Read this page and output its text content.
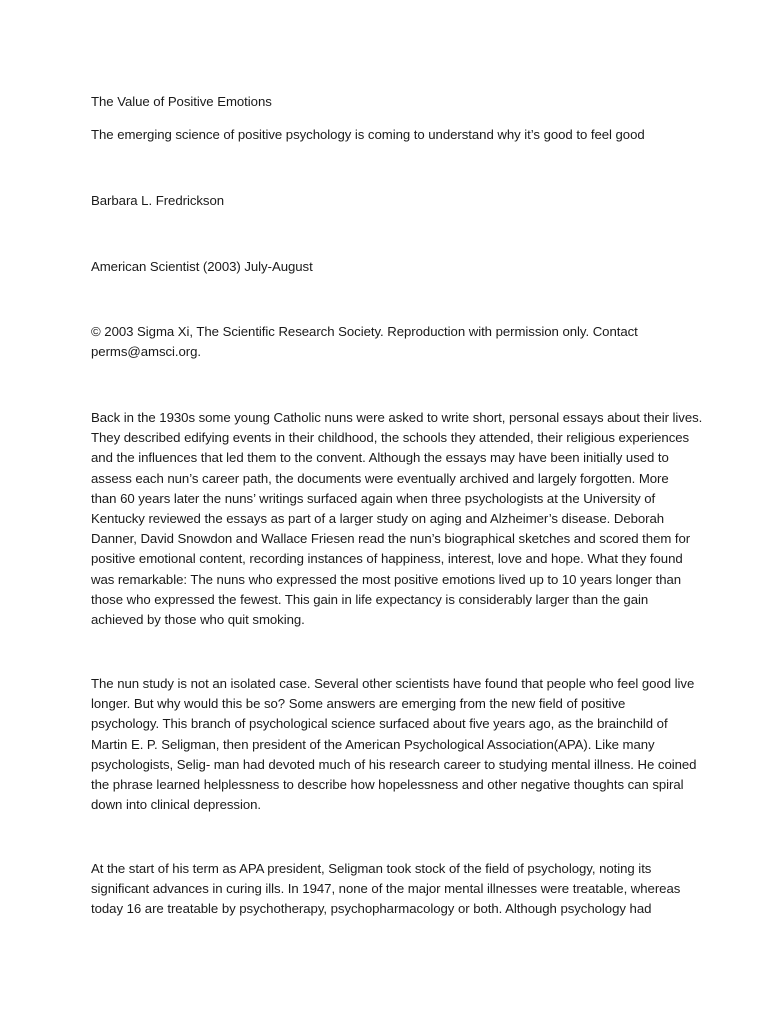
The Value of Positive Emotions
The emerging science of positive psychology is coming to understand why it’s good to feel good
Barbara L. Fredrickson
American Scientist (2003) July-August
© 2003 Sigma Xi, The Scientific Research Society. Reproduction with permission only. Contact
perms@amsci.org.
Back in the 1930s some young Catholic nuns were asked to write short, personal essays about their lives.
They described edifying events in their childhood, the schools they attended, their religious experiences
and the influences that led them to the convent. Although the essays may have been initially used to
assess each nun’s career path, the documents were eventually archived and largely forgotten. More
than 60 years later the nuns’ writings surfaced again when three psychologists at the University of
Kentucky reviewed the essays as part of a larger study on aging and Alzheimer’s disease. Deborah
Danner, David Snowdon and Wallace Friesen read the nun’s biographical sketches and scored them for
positive emotional content, recording instances of happiness, interest, love and hope. What they found
was remarkable: The nuns who expressed the most positive emotions lived up to 10 years longer than
those who expressed the fewest. This gain in life expectancy is considerably larger than the gain
achieved by those who quit smoking.
The nun study is not an isolated case. Several other scientists have found that people who feel good live
longer. But why would this be so? Some answers are emerging from the new field of positive
psychology. This branch of psychological science surfaced about five years ago, as the brainchild of
Martin E. P. Seligman, then president of the American Psychological Association(APA). Like many
psychologists, Selig- man had devoted much of his research career to studying mental illness. He coined
the phrase learned helplessness to describe how hopelessness and other negative thoughts can spiral
down into clinical depression.
At the start of his term as APA president, Seligman took stock of the field of psychology, noting its
significant advances in curing ills. In 1947, none of the major mental illnesses were treatable, whereas
today 16 are treatable by psychotherapy, psychopharmacology or both. Although psychology had
